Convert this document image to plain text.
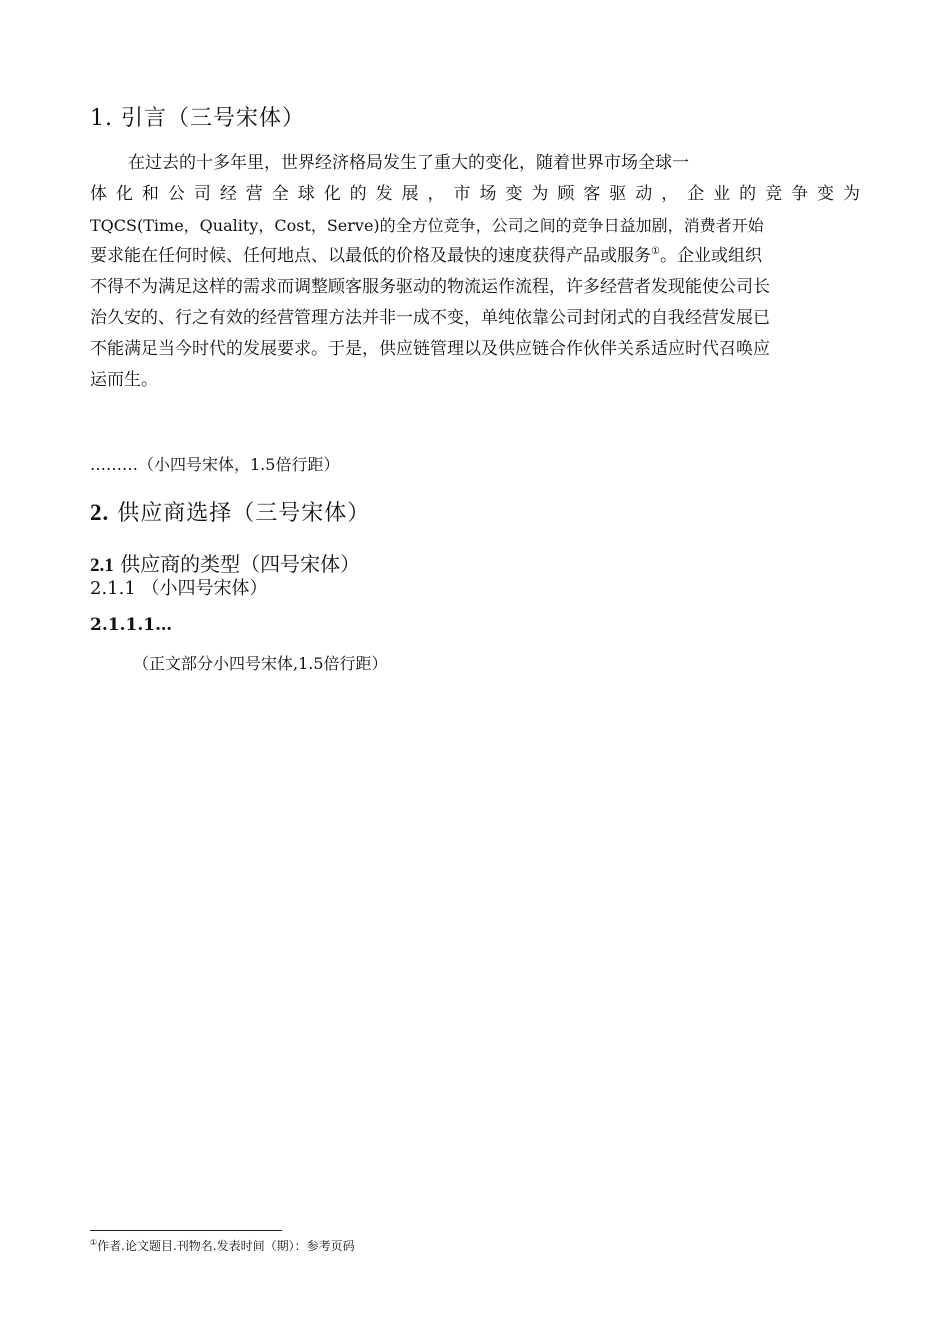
1. 引言（三号宋体）
在过去的十多年里，世界经济格局发生了重大的变化，随着世界市场全球一
体化和公司经营全球化的发展，市场变为顾客驱动，企业的竞争变为
TQCS(Time，Quality，Cost，Serve)的全方位竞争，公司之间的竞争日益加剧，消费者开始
要求能在任何时候、任何地点、以最低的价格及最快的速度获得产品或服务①。企业或组织
不得不为满足这样的需求而调整顾客服务驱动的物流运作流程，许多经营者发现能使公司长
治久安的、行之有效的经营管理方法并非一成不变，单纯依靠公司封闭式的自我经营发展已
不能满足当今时代的发展要求。于是，供应链管理以及供应链合作伙伴关系适应时代召唤应
运而生。
………（小四号宋体，1.5倍行距）
2. 供应商选择（三号宋体）
2.1 供应商的类型（四号宋体）
2.1.1 （小四号宋体）
2.1.1.1…
（正文部分小四号宋体,1.5倍行距）
①作者.论文题目.刊物名.发表时间（期）：参考页码
